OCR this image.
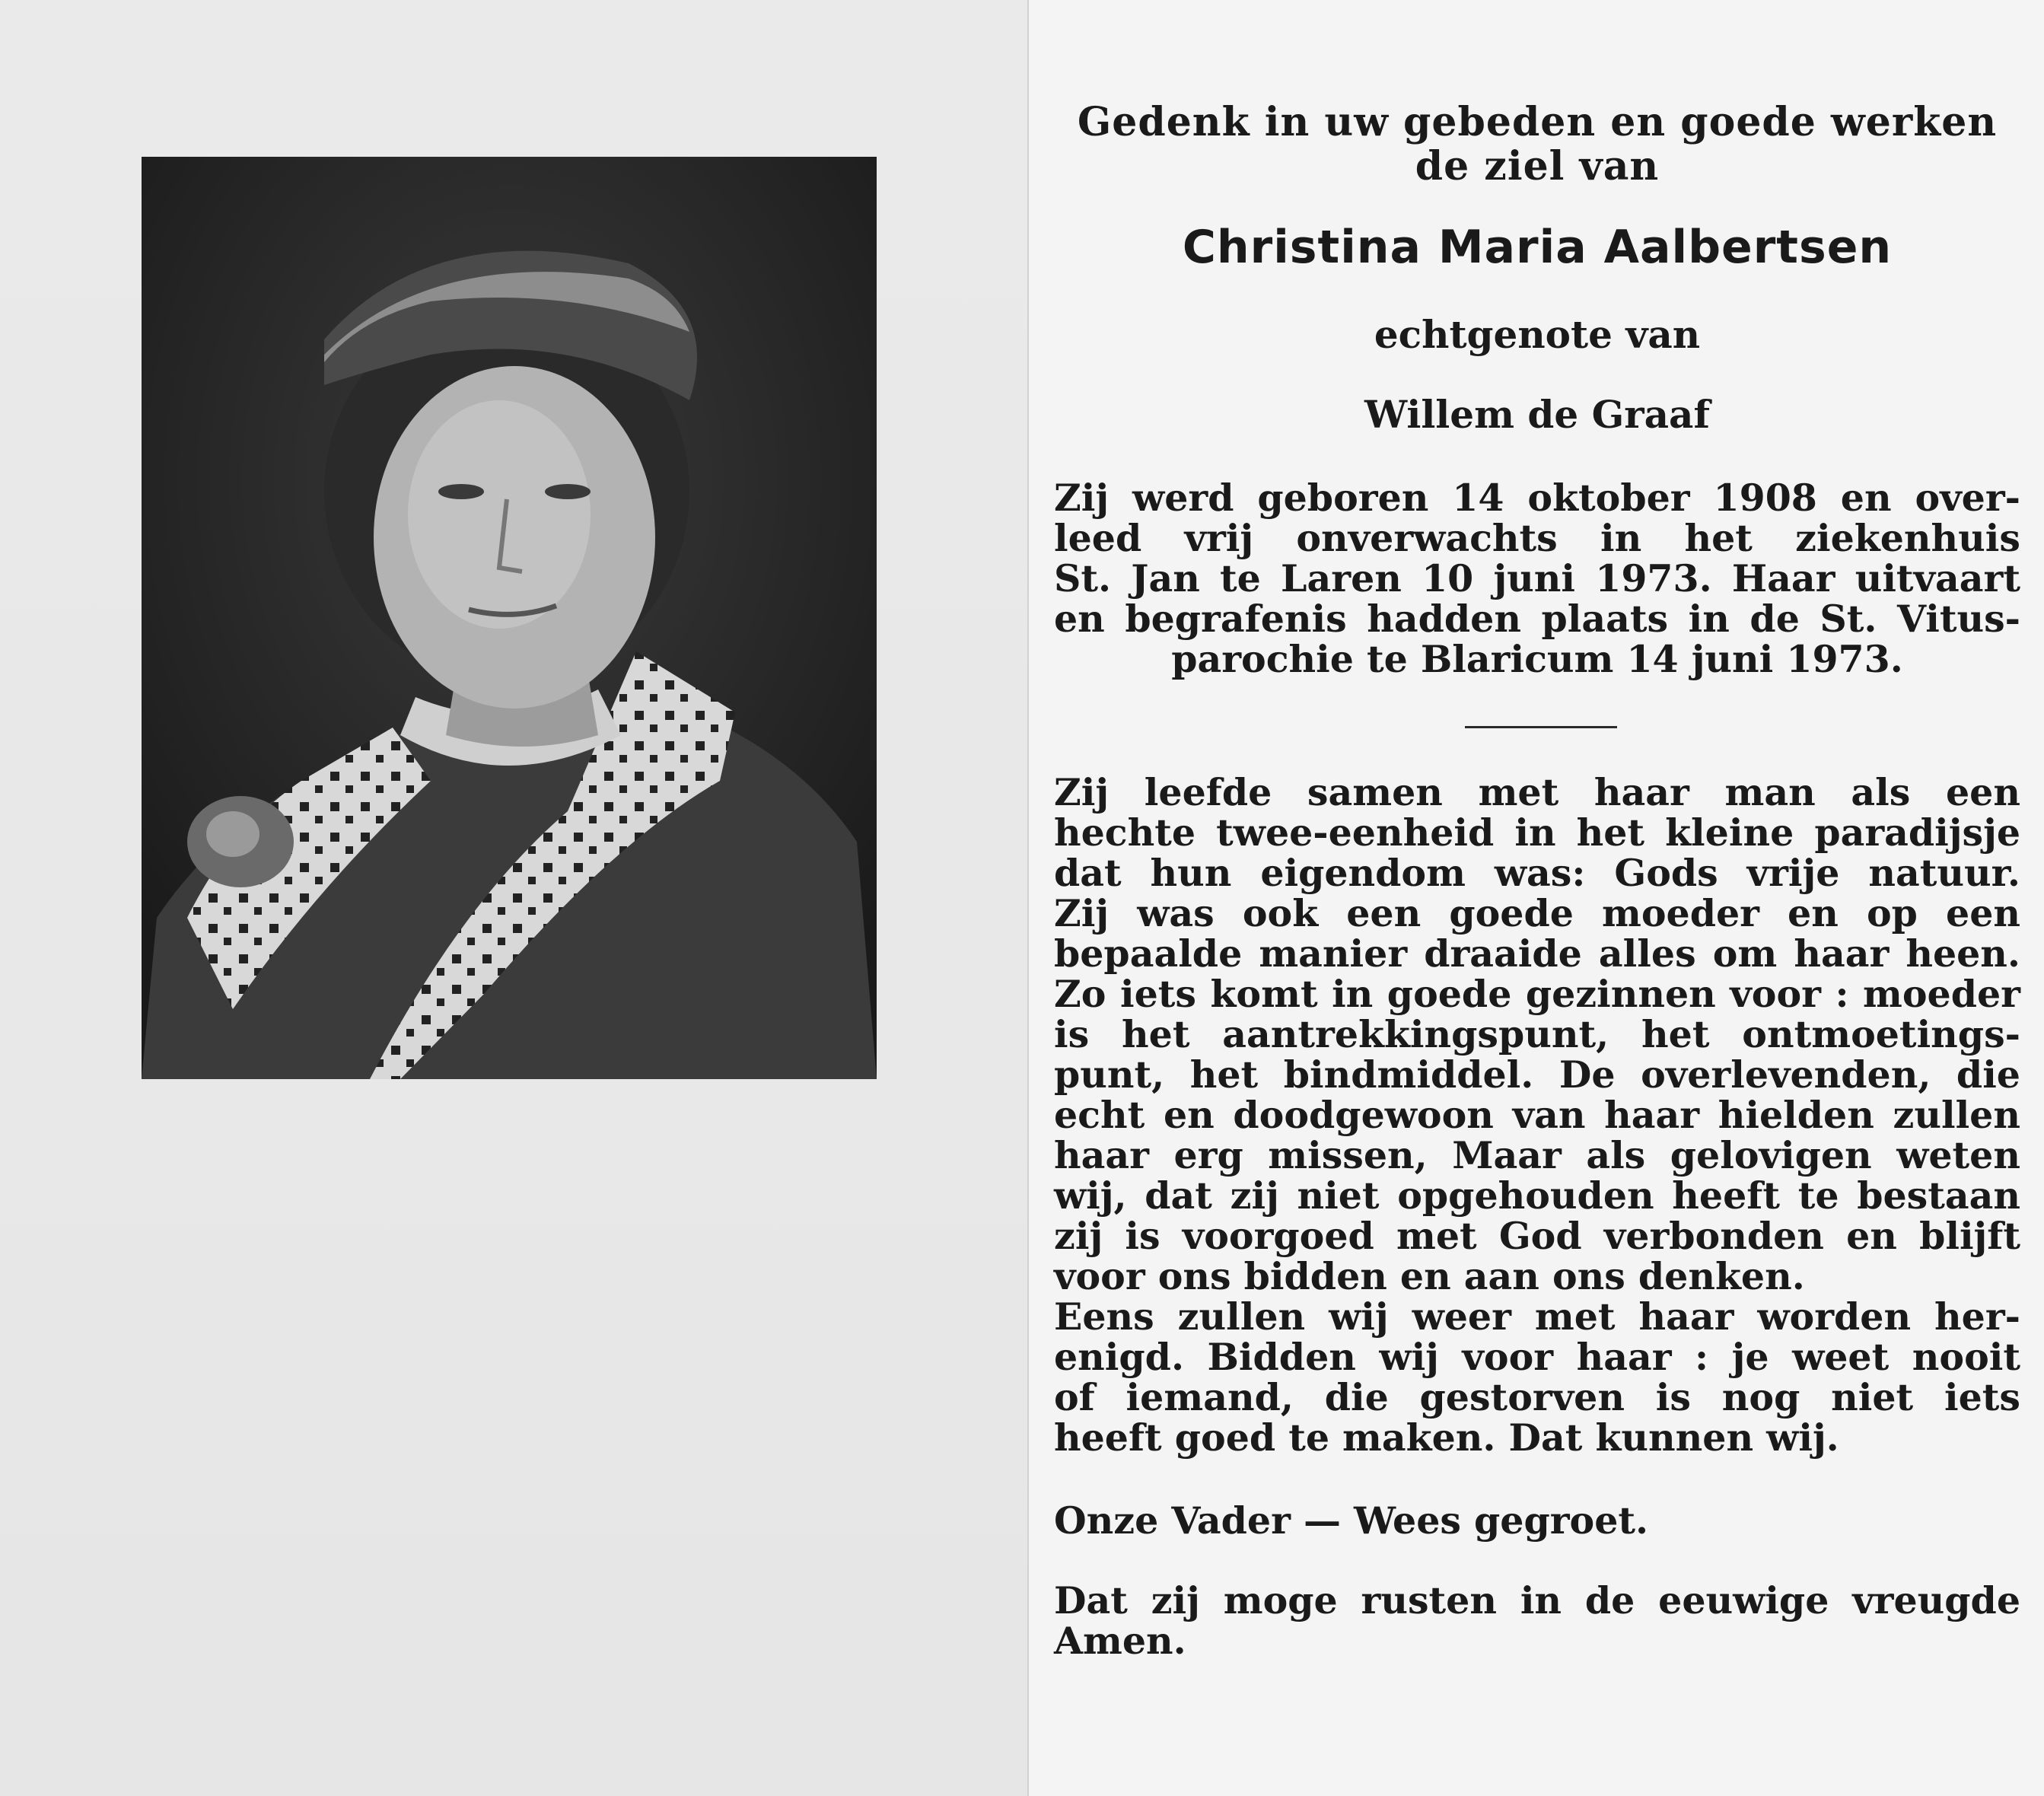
Gedenk in uw gebeden en goede werken
de ziel van
Christina Maria Aalbertsen
echtgenote van
Willem de Graaf
Zij werd geboren 14 oktober 1908 en over-
leed vrij onverwachts in het ziekenhuis
St. Jan te Laren 10 juni 1973. Haar uitvaart
en begrafenis hadden plaats in de St. Vitus-
parochie te Blaricum 14 juni 1973.
Zij leefde samen met haar man als een
hechte twee-eenheid in het kleine paradijsje
dat hun eigendom was: Gods vrije natuur.
Zij was ook een goede moeder en op een
bepaalde manier draaide alles om haar heen.
Zo iets komt in goede gezinnen voor : moeder
is het aantrekkingspunt, het ontmoetings-
punt, het bindmiddel. De overlevenden, die
echt en doodgewoon van haar hielden zullen
haar erg missen, Maar als gelovigen weten
wij, dat zij niet opgehouden heeft te bestaan
zij is voorgoed met God verbonden en blijft
voor ons bidden en aan ons denken.
Eens zullen wij weer met haar worden her-
enigd. Bidden wij voor haar : je weet nooit
of iemand, die gestorven is nog niet iets
heeft goed te maken. Dat kunnen wij.
Onze Vader — Wees gegroet.
Dat zij moge rusten in de eeuwige vreugde
Amen.
